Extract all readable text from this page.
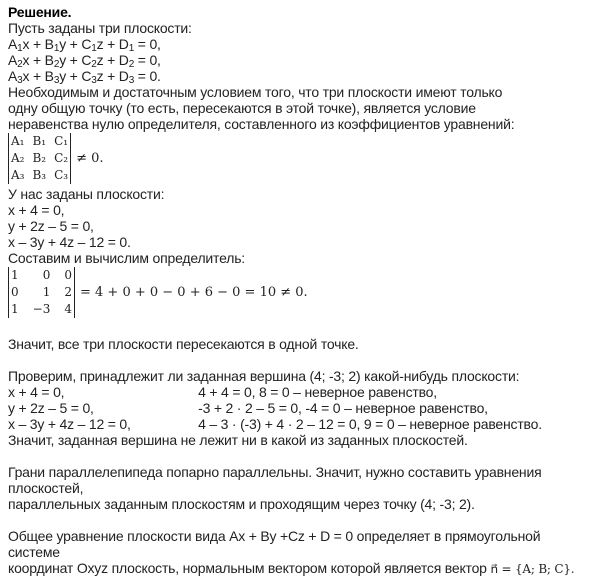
Решение.
Пусть заданы три плоскости:
$A_1x + B_1y + C_1z + D_1 = 0$,
$A_2x + B_2y + C_2z + D_2 = 0$,
$A_3x + B_3y + C_3z + D_3 = 0$.
Необходимым и достаточным условием того, что три плоскости имеют только
одну общую точку (то есть, пересекаются в этой точке), является условие
неравенства нулю определителя, составленного из коэффициентов уравнений:
A₁ B₁ C₁
A₂ B₂ C₂
A₃ B₃ C₃
≠ 0.
У нас заданы плоскости:
x + 4 = 0,
y + 2z – 5 = 0,
x – 3y + 4z – 12 = 0.
Составим и вычислим определитель:
1	0 0
0	1 2
1 −3 4
= 4 + 0 + 0 − 0 + 6 − 0 = 10 ≠ 0.
Значит, все три плоскости пересекаются в одной точке.
Проверим, принадлежит ли заданная вершина (4; -3; 2) какой-нибудь плоскости:
x + 4 = 0,	4 + 4 = 0, 8 = 0 – неверное равенство,
y + 2z – 5 = 0,	-3 + 2 · 2 – 5 = 0, -4 = 0 – неверное равенство,
x – 3y + 4z – 12 = 0,	4 – 3 · (-3) + 4 · 2 – 12 = 0, 9 = 0 – неверное равенство.
Значит, заданная вершина не лежит ни в какой из заданных плоскостей.
Грани параллелепипеда попарно параллельны. Значит, нужно составить уравнения плоскостей,
параллельных заданным плоскостям и проходящим через точку (4; -3; 2).
Общее уравнение плоскости вида Ax + By +Cz + D = 0 определяет в прямоугольной системе
координат Oxyz плоскость, нормальным вектором которой является вектор n⃗ = {A; B; C}.
